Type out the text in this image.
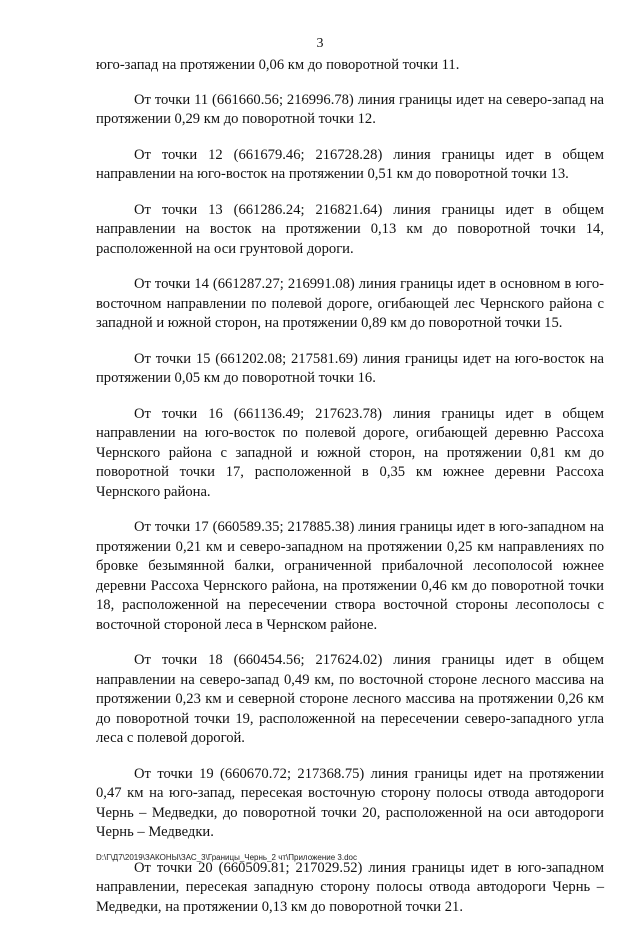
3

юго-запад на протяжении 0,06 км до поворотной точки 11.

От точки 11 (661660.56; 216996.78) линия границы идет на северо-запад на протяжении 0,29 км до поворотной точки 12.

От точки 12 (661679.46; 216728.28) линия границы идет в общем направлении на юго-восток на протяжении 0,51 км до поворотной точки 13.

От точки 13 (661286.24; 216821.64) линия границы идет в общем направлении на восток на протяжении 0,13 км до поворотной точки 14, расположенной на оси грунтовой дороги.

От точки 14 (661287.27; 216991.08) линия границы идет в основном в юго-восточном направлении по полевой дороге, огибающей лес Чернского района с западной и южной сторон, на протяжении 0,89 км до поворотной точки 15.

От точки 15 (661202.08; 217581.69) линия границы идет на юго-восток на протяжении 0,05 км до поворотной точки 16.

От точки 16 (661136.49; 217623.78) линия границы идет в общем направлении на юго-восток по полевой дороге, огибающей деревню Рассоха Чернского района с западной и южной сторон, на протяжении 0,81 км до поворотной точки 17, расположенной в 0,35 км южнее деревни Рассоха Чернского района.

От точки 17 (660589.35; 217885.38) линия границы идет в юго-западном на протяжении 0,21 км и северо-западном на протяжении 0,25 км направлениях по бровке безымянной балки, ограниченной прибалочной лесополосой южнее деревни Рассоха Чернского района, на протяжении 0,46 км до поворотной точки 18, расположенной на пересечении створа восточной стороны лесополосы с восточной стороной леса в Чернском районе.

От точки 18 (660454.56; 217624.02) линия границы идет в общем направлении на северо-запад 0,49 км, по восточной стороне лесного массива на протяжении 0,23 км и северной стороне лесного массива на протяжении 0,26 км до поворотной точки 19, расположенной на пересечении северо-западного угла леса с полевой дорогой.

От точки 19 (660670.72; 217368.75) линия границы идет на протяжении 0,47 км на юго-запад, пересекая восточную сторону полосы отвода автодороги Чернь – Медведки, до поворотной точки 20, расположенной на оси автодороги Чернь – Медведки.

От точки 20 (660509.81; 217029.52) линия границы идет в юго-западном направлении, пересекая западную сторону полосы отвода автодороги Чернь – Медведки, на протяжении 0,13 км до поворотной точки 21.

D:\Г\Д7\2019\ЗАКОНЫ\ЗАС_3\Границы_Чернь_2 чт\Приложение 3.doc
